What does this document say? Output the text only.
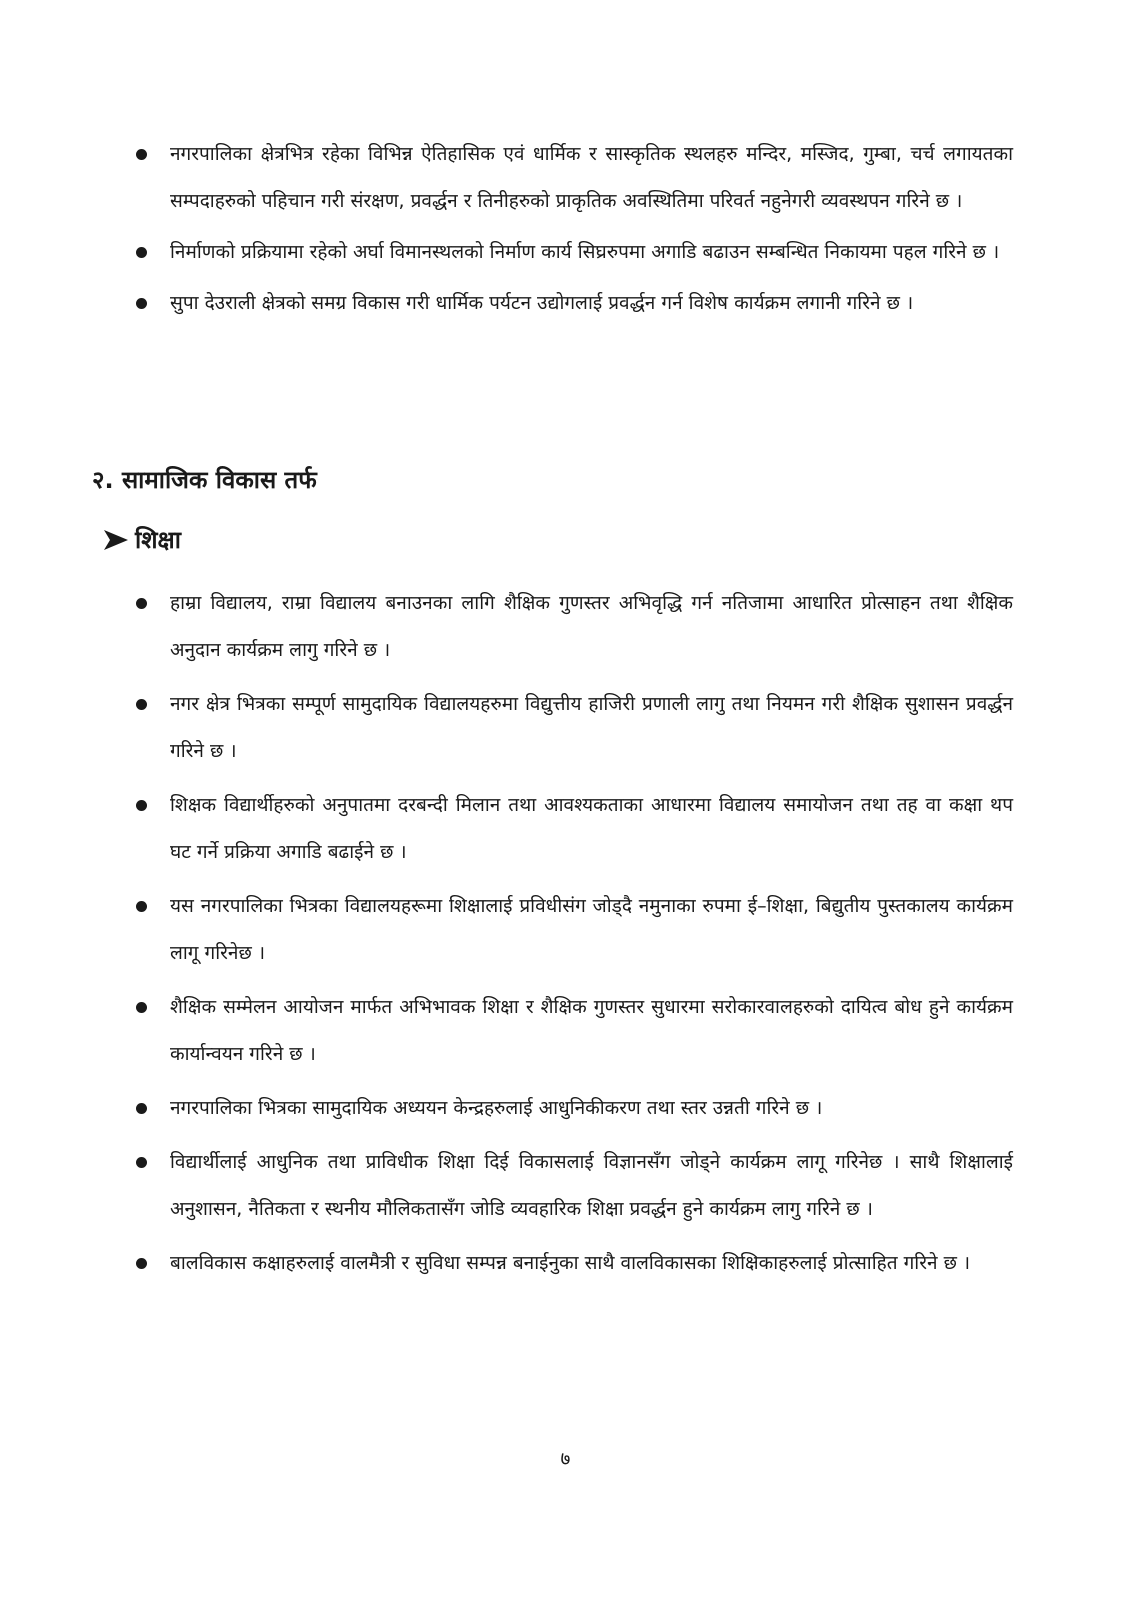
नगरपालिका क्षेत्रभित्र रहेका विभिन्न ऐतिहासिक एवं धार्मिक र सास्कृतिक स्थलहरु मन्दिर, मस्जिद, गुम्बा, चर्च लगायतका सम्पदाहरुको पहिचान गरी संरक्षण, प्रवर्द्धन र तिनीहरुको प्राकृतिक अवस्थितिमा परिवर्त नहुनेगरी व्यवस्थपन गरिने छ ।
निर्माणको प्रक्रियामा रहेको अर्घा विमानस्थलको निर्माण कार्य सिघ्ररुपमा अगाडि बढाउन सम्बन्धित निकायमा पहल गरिने छ ।
सुपा देउराली क्षेत्रको समग्र विकास गरी धार्मिक पर्यटन उद्योगलाई प्रवर्द्धन गर्न विशेष कार्यक्रम लगानी गरिने छ ।
२. सामाजिक विकास तर्फ
शिक्षा
हाम्रा विद्यालय, राम्रा विद्यालय बनाउनका लागि शैक्षिक गुणस्तर अभिवृद्धि गर्न नतिजामा आधारित प्रोत्साहन तथा शैक्षिक अनुदान कार्यक्रम लागु गरिने छ ।
नगर क्षेत्र भित्रका सम्पूर्ण सामुदायिक विद्यालयहरुमा विद्युत्तीय हाजिरी प्रणाली लागु तथा नियमन गरी शैक्षिक सुशासन प्रवर्द्धन गरिने छ ।
शिक्षक विद्यार्थीहरुको अनुपातमा दरबन्दी मिलान तथा आवश्यकताका आधारमा विद्यालय समायोजन तथा तह वा कक्षा थप घट गर्ने प्रक्रिया अगाडि बढाईने छ ।
यस नगरपालिका भित्रका विद्यालयहरूमा शिक्षालाई प्रविधीसंग जोड्दै नमुनाका रुपमा ई–शिक्षा, बिद्युतीय पुस्तकालय कार्यक्रम लागू गरिनेछ ।
शैक्षिक सम्मेलन आयोजन मार्फत अभिभावक शिक्षा र शैक्षिक गुणस्तर सुधारमा सरोकारवालहरुको दायित्व बोध हुने कार्यक्रम कार्यान्वयन गरिने छ ।
नगरपालिका भित्रका सामुदायिक अध्ययन केन्द्रहरुलाई आधुनिकीकरण तथा स्तर उन्नती गरिने छ ।
विद्यार्थीलाई आधुनिक तथा प्राविधीक शिक्षा दिई विकासलाई विज्ञानसँग जोड्ने कार्यक्रम लागू गरिनेछ । साथै शिक्षालाई अनुशासन, नैतिकता र स्थनीय मौलिकतासँग जोडि व्यवहारिक शिक्षा प्रवर्द्धन हुने कार्यक्रम लागु गरिने छ ।
बालविकास कक्षाहरुलाई वालमैत्री र सुविधा सम्पन्न बनाईनुका साथै वालविकासका शिक्षिकाहरुलाई प्रोत्साहित गरिने छ ।
७
